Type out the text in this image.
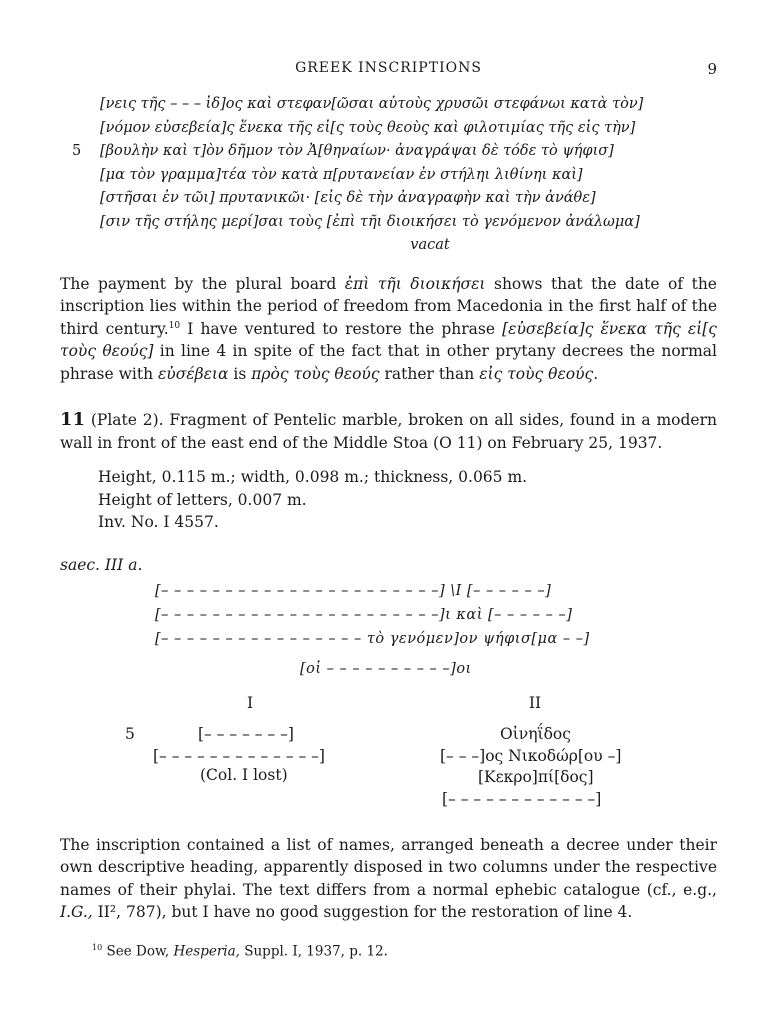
GREEK INSCRIPTIONS	9
[νεις τῆς – – – ἰδ]ος καὶ στεφαν[ῶσαι αὐτοὺς χρυσῶι στεφάνωι κατὰ τὸν]
[νόμον εὐσεβεία]ς ἕνεκα τῆς εἰ[ς τοὺς θεοὺς καὶ φιλοτιμίας τῆς εἰς τὴν]
5	[βουλὴν καὶ τ]ὸν δῆμον τὸν Ἀ[θηναίων· ἀναγράψαι δὲ τόδε τὸ ψήφισ]
[μα τὸν γραμμα]τέα τὸν κατὰ π[ρυτανείαν ἐν στήληι λιθίνηι καὶ]
[στῆσαι ἐν τῶι] πρυτανικῶι· [εἰς δὲ τὴν ἀναγραφὴν καὶ τὴν ἀνάθε]
[σιν τῆς στήλης μερί]σαι τοὺς [ἐπὶ τῆι διοικήσει τὸ γενόμενον ἀνάλωμα]
vacat

The payment by the plural board ἐπὶ τῆι διοικήσει shows that the date of the inscription lies within the period of freedom from Macedonia in the first half of the third century.$^{10}$ I have ventured to restore the phrase [εὐσεβεία]ς ἕνεκα τῆς εἰ[ς τοὺς θεούς] in line 4 in spite of the fact that in other prytany decrees the normal phrase with εὐσέβεια is πρὸς τοὺς θεούς rather than εἰς τοὺς θεούς.

11 (Plate 2). Fragment of Pentelic marble, broken on all sides, found in a modern wall in front of the east end of the Middle Stoa (O 11) on February 25, 1937.

Height, 0.115 m.; width, 0.098 m.; thickness, 0.065 m.
Height of letters, 0.007 m.
Inv. No. I 4557.
saec. III a.
[– – – – – – – – – – – – – – – – – – – – – –] \Ι [– – – – – –]
[– – – – – – – – – – – – – – – – – – – – – –]ι καὶ [– – – – – –]
[– – – – – – – – – – – – – – – – τὸ γενόμεν]ον ψήφισ[μα – –]
[οἱ – – – – – – – – – –]οι
I	II
5	[– – – – – – –]
[– – – – – – – – – – – – –]
(Col. I lost)
Οἰνηΐδος
[– – –]ος Νικοδώρ[ου –]
[Κεκρο]πί[δος]
[– – – – – – – – – – – –]

The inscription contained a list of names, arranged beneath a decree under their own descriptive heading, apparently disposed in two columns under the respective names of their phylai. The text differs from a normal ephebic catalogue (cf., e.g., I.G., II², 787), but I have no good suggestion for the restoration of line 4.

$^{10}$ See Dow, Hesperia, Suppl. I, 1937, p. 12.
